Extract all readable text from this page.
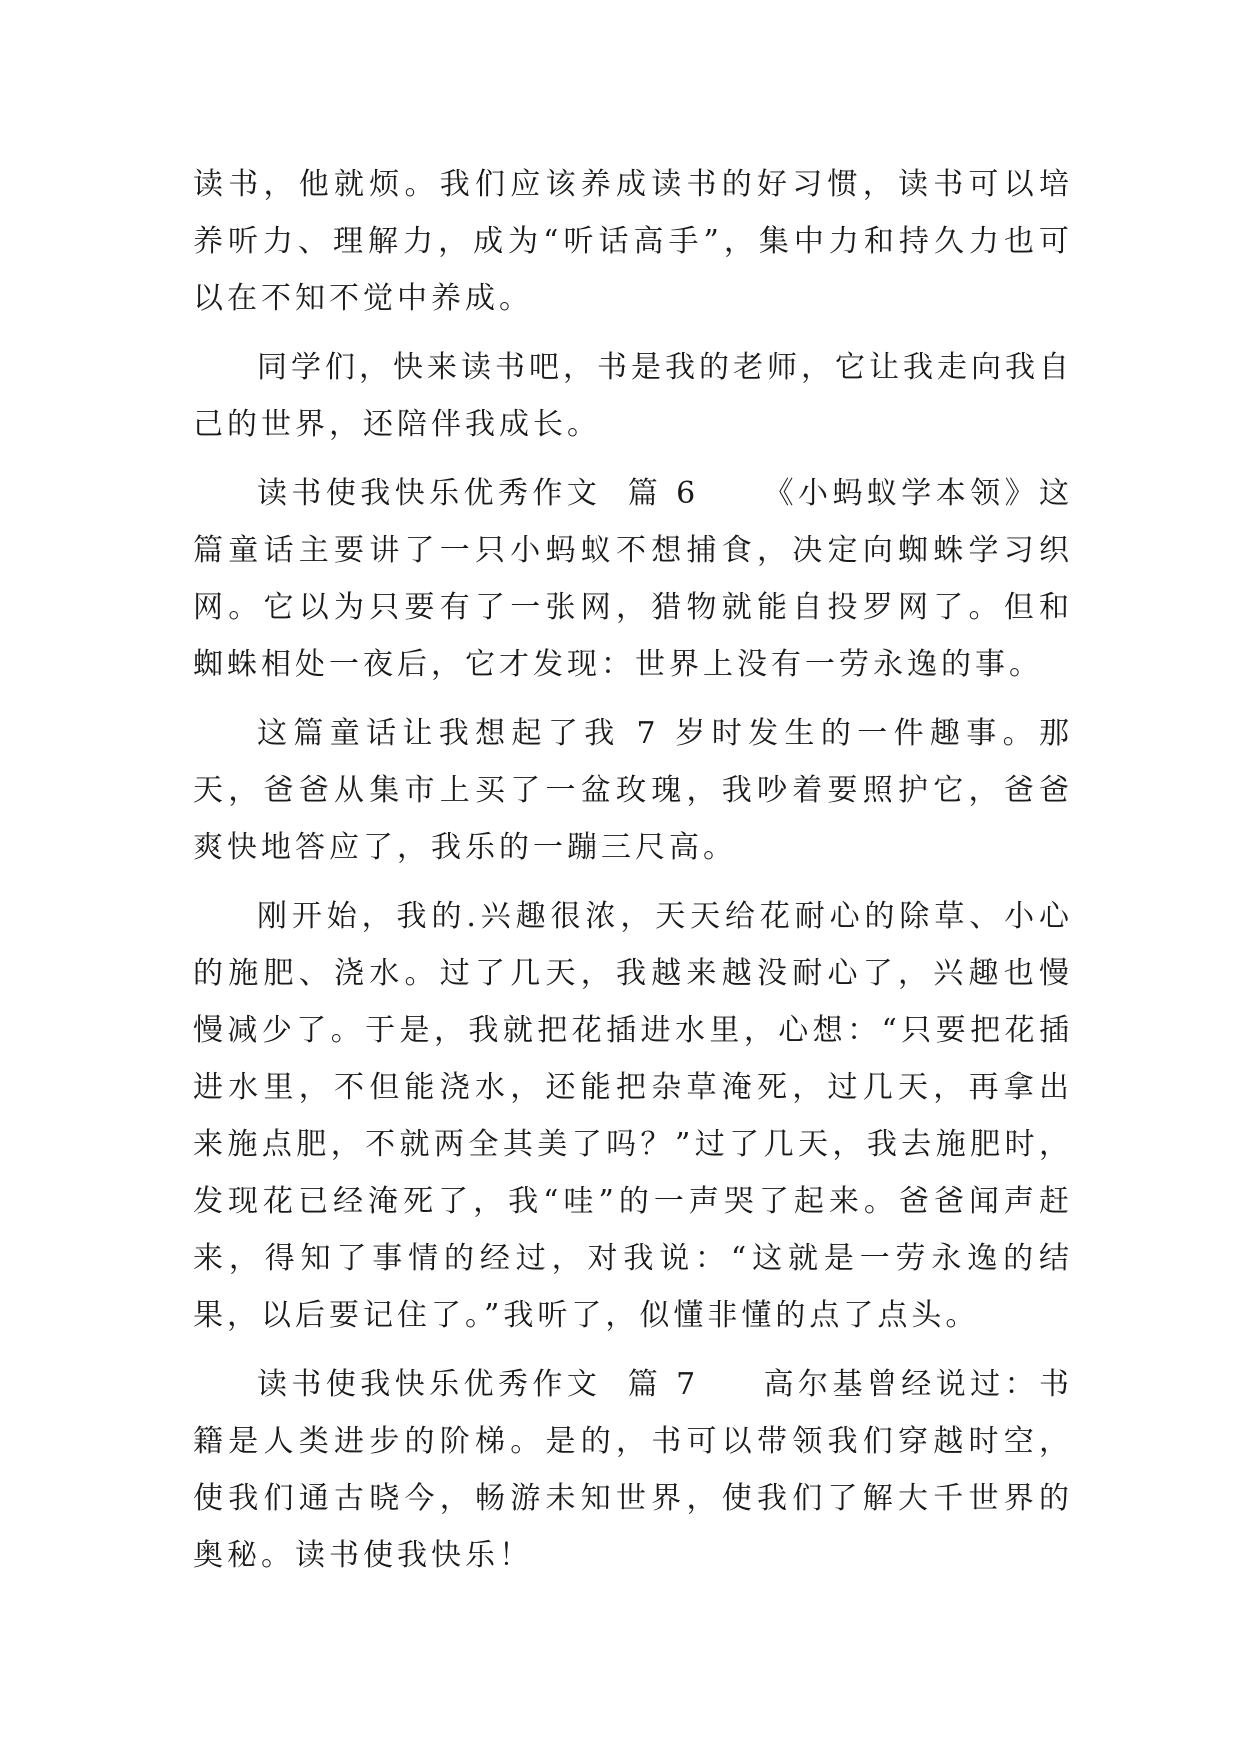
读书，他就烦。我们应该养成读书的好习惯，读书可以培养听力、理解力，成为“听话高手”，集中力和持久力也可以在不知不觉中养成。

同学们，快来读书吧，书是我的老师，它让我走向我自己的世界，还陪伴我成长。

读书使我快乐优秀作文 篇 6 《小蚂蚁学本领》这篇童话主要讲了一只小蚂蚁不想捕食，决定向蜘蛛学习织网。它以为只要有了一张网，猎物就能自投罗网了。但和蜘蛛相处一夜后，它才发现：世界上没有一劳永逸的事。

这篇童话让我想起了我 7 岁时发生的一件趣事。那天，爸爸从集市上买了一盆玫瑰，我吵着要照护它，爸爸爽快地答应了，我乐的一蹦三尺高。

刚开始，我的.兴趣很浓，天天给花耐心的除草、小心的施肥、浇水。过了几天，我越来越没耐心了，兴趣也慢慢减少了。于是，我就把花插进水里，心想：“只要把花插进水里，不但能浇水，还能把杂草淹死，过几天，再拿出来施点肥，不就两全其美了吗？”过了几天，我去施肥时，发现花已经淹死了，我“哇”的一声哭了起来。爸爸闻声赶来，得知了事情的经过，对我说：“这就是一劳永逸的结果，以后要记住了。”我听了，似懂非懂的点了点头。

读书使我快乐优秀作文 篇 7 高尔基曾经说过：书籍是人类进步的阶梯。是的，书可以带领我们穿越时空，使我们通古晓今，畅游未知世界，使我们了解大千世界的奥秘。读书使我快乐！
